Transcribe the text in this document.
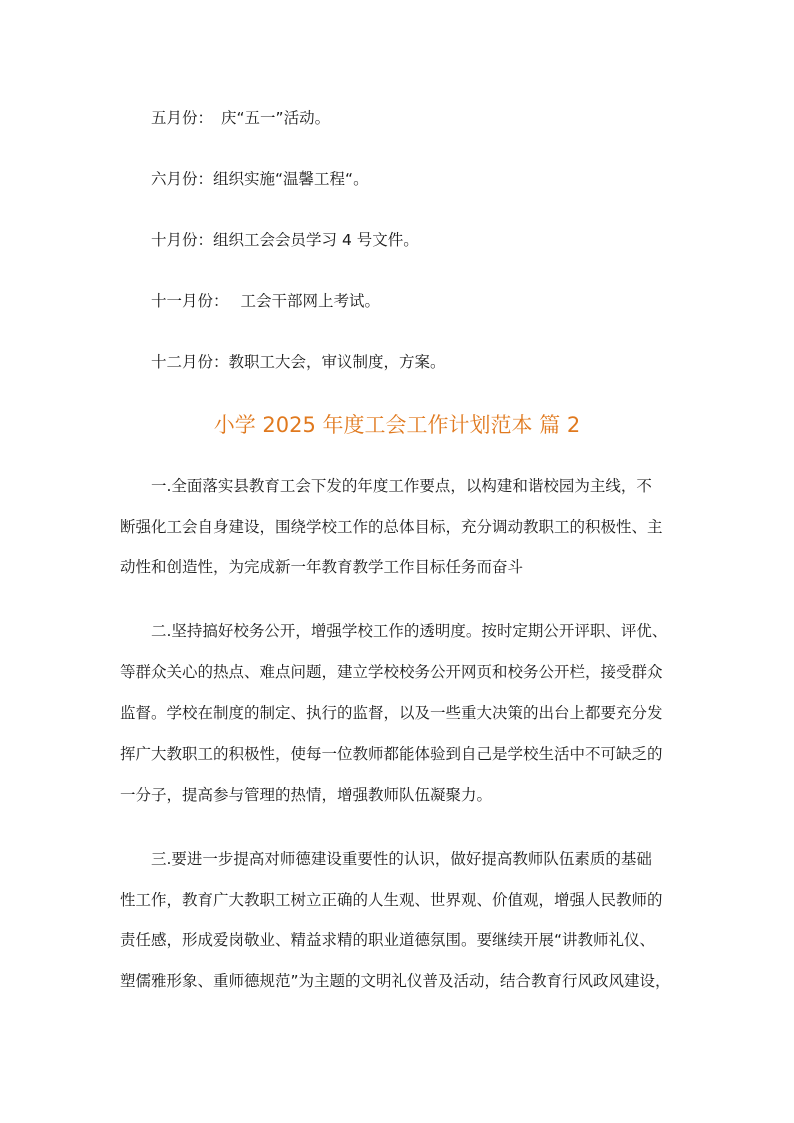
五月份： 庆“五一”活动。
六月份：组织实施“温馨工程“。
十月份：组织工会会员学习 4 号文件。
十一月份： 工会干部网上考试。
十二月份：教职工大会，审议制度，方案。
小学 2025 年度工会工作计划范本 篇 2
一.全面落实县教育工会下发的年度工作要点，以构建和谐校园为主线，不
断强化工会自身建设，围绕学校工作的总体目标，充分调动教职工的积极性、主
动性和创造性，为完成新一年教育教学工作目标任务而奋斗
二.坚持搞好校务公开，增强学校工作的透明度。按时定期公开评职、评优、
等群众关心的热点、难点问题，建立学校校务公开网页和校务公开栏，接受群众
监督。学校在制度的制定、执行的监督，以及一些重大决策的出台上都要充分发
挥广大教职工的积极性，使每一位教师都能体验到自己是学校生活中不可缺乏的
一分子，提高参与管理的热情，增强教师队伍凝聚力。
三.要进一步提高对师德建设重要性的认识，做好提高教师队伍素质的基础
性工作，教育广大教职工树立正确的人生观、世界观、价值观，增强人民教师的
责任感，形成爱岗敬业、精益求精的职业道德氛围。要继续开展“讲教师礼仪、
塑儒雅形象、重师德规范”为主题的文明礼仪普及活动，结合教育行风政风建设，
